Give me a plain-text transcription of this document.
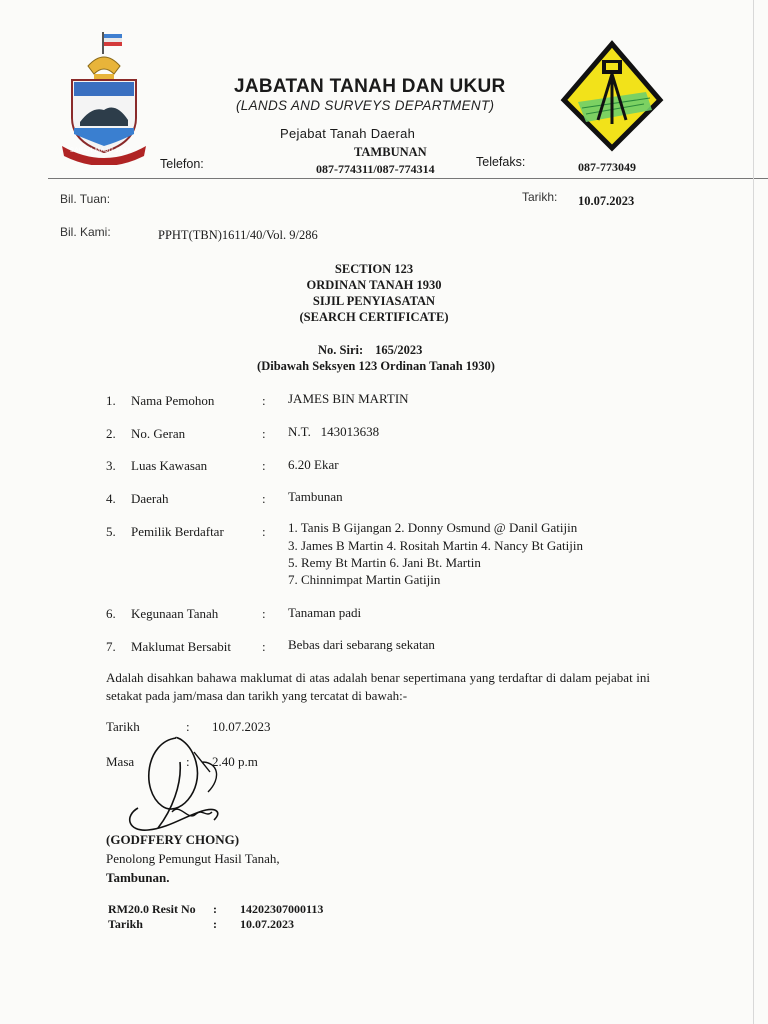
SABAH MAJU JAYA
JABATAN TANAH DAN UKUR
(LANDS AND SURVEYS DEPARTMENT)
Pejabat Tanah Daerah
TAMBUNAN
Telefon:	087-774311/087-774314	Telefaks:	087-773049
Bil. Tuan:
Bil. Kami:	PPHT(TBN)1611/40/Vol. 9/286
Tarikh: 10.07.2023
SECTION 123
ORDINAN TANAH 1930
SIJIL PENYIASATAN
(SEARCH CERTIFICATE)
No. Siri: 165/2023
(Dibawah Seksyen 123 Ordinan Tanah 1930)
1. Nama Pemohon	: JAMES BIN MARTIN
2. No. Geran	: N.T.   143013638
3. Luas Kawasan	: 6.20 Ekar
4. Daerah	: Tambunan
5. Pemilik Berdaftar	: 1. Tanis B Gijangan 2. Donny Osmund @ Danil Gatijin
3. James B Martin 4. Rositah Martin 4. Nancy Bt Gatijin
5. Remy Bt Martin 6. Jani Bt. Martin
7. Chinnimpat Martin Gatijin
6. Kegunaan Tanah	: Tanaman padi
7. Maklumat Bersabit : Bebas dari sebarang sekatan
Adalah disahkan bahawa maklumat di atas adalah benar sepertimana yang terdaftar di dalam pejabat ini setakat pada jam/masa dan tarikh yang tercatat di bawah:-
Tarikh	: 10.07.2023
Masa	: 2.40 p.m
(GODFFERY CHONG)
Penolong Pemungut Hasil Tanah,
Tambunan.
RM20.0 Resit No : 14202307000113
Tarikh	: 10.07.2023
